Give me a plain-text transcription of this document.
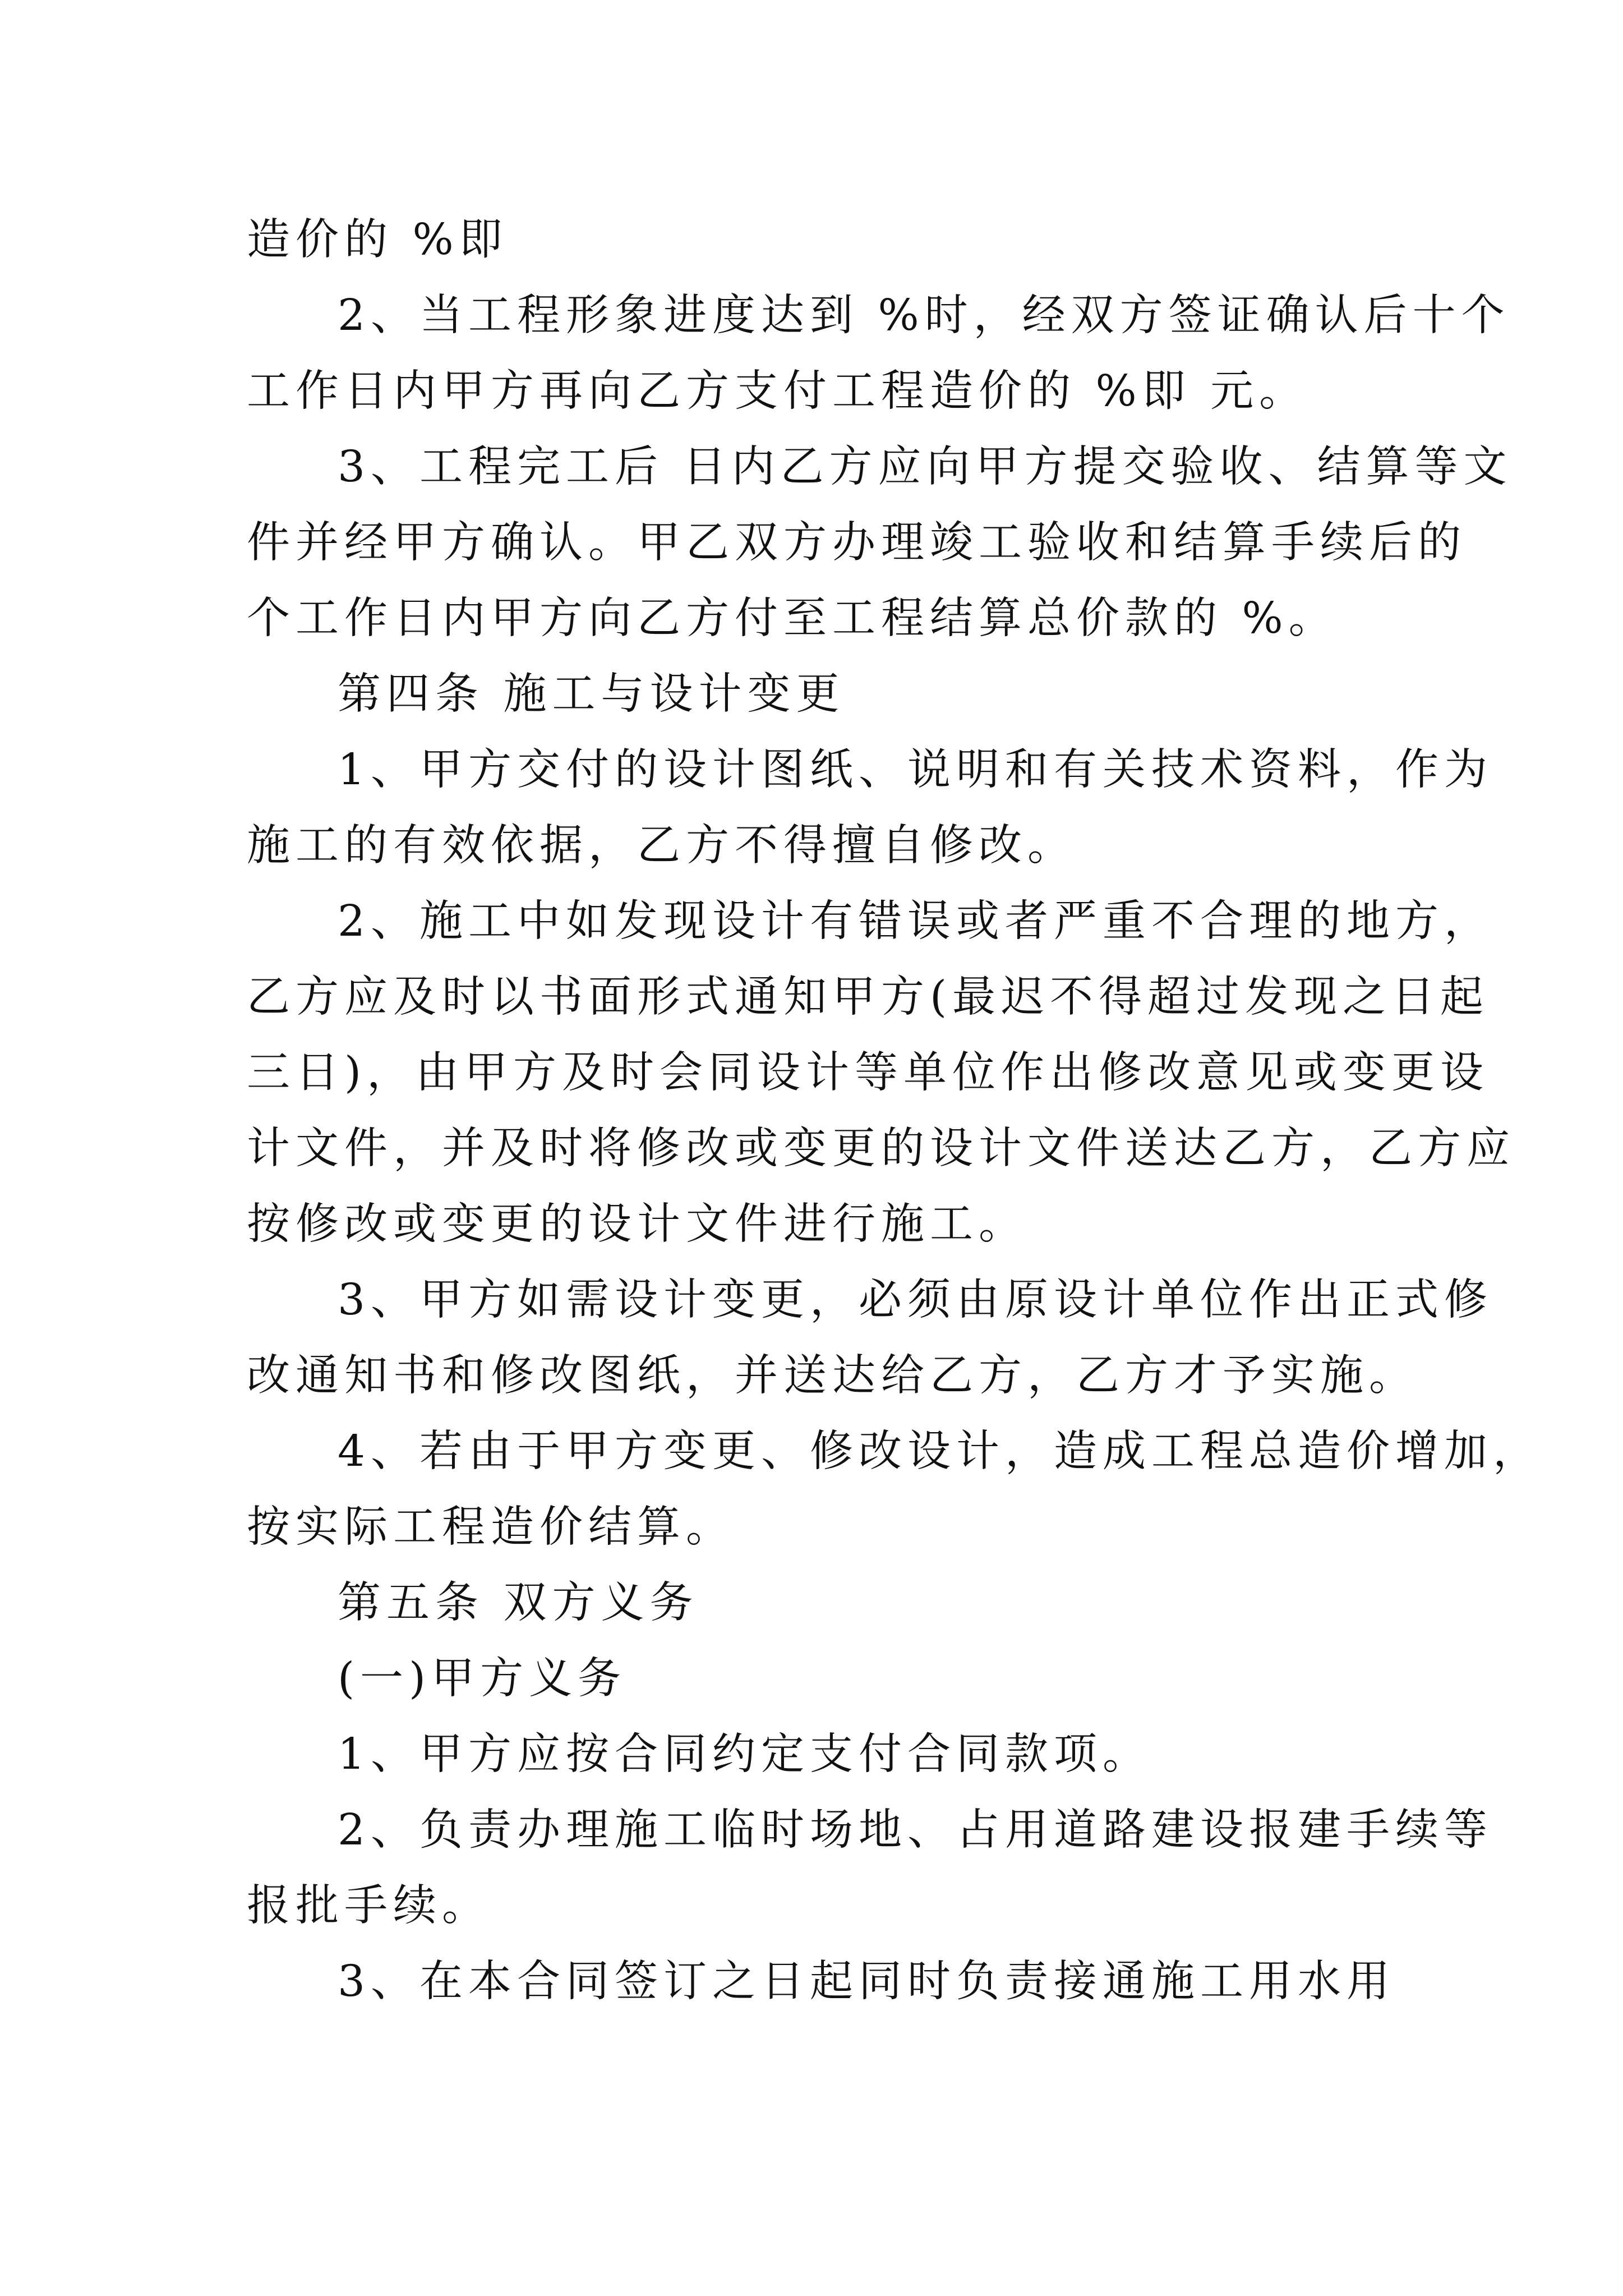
造价的 %即
2、当工程形象进度达到 %时，经双方签证确认后十个
工作日内甲方再向乙方支付工程造价的 %即 元。
3、工程完工后 日内乙方应向甲方提交验收、结算等文
件并经甲方确认。甲乙双方办理竣工验收和结算手续后的
个工作日内甲方向乙方付至工程结算总价款的 %。
第四条 施工与设计变更
1、甲方交付的设计图纸、说明和有关技术资料，作为
施工的有效依据，乙方不得擅自修改。
2、施工中如发现设计有错误或者严重不合理的地方，
乙方应及时以书面形式通知甲方(最迟不得超过发现之日起
三日)，由甲方及时会同设计等单位作出修改意见或变更设
计文件，并及时将修改或变更的设计文件送达乙方，乙方应
按修改或变更的设计文件进行施工。
3、甲方如需设计变更，必须由原设计单位作出正式修
改通知书和修改图纸，并送达给乙方，乙方才予实施。
4、若由于甲方变更、修改设计，造成工程总造价增加，
按实际工程造价结算。
第五条 双方义务
(一)甲方义务
1、甲方应按合同约定支付合同款项。
2、负责办理施工临时场地、占用道路建设报建手续等
报批手续。
3、在本合同签订之日起同时负责接通施工用水用
